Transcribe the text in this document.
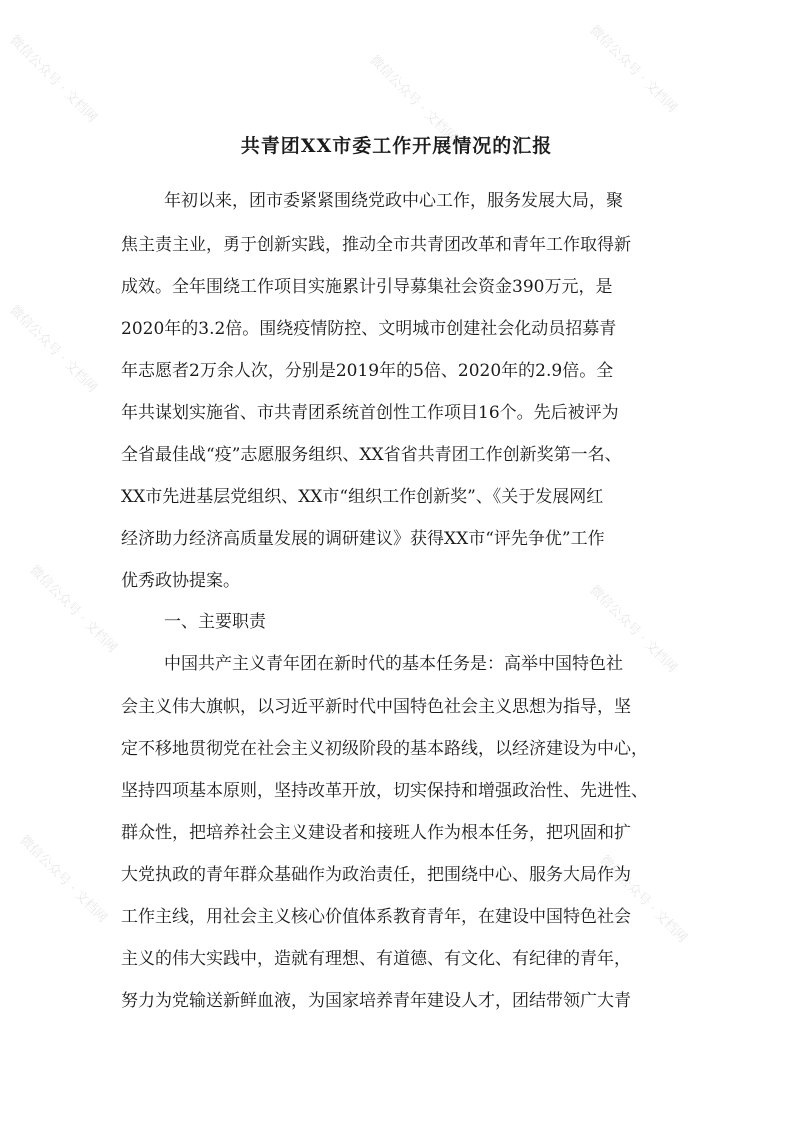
微信公众号 · 文档网	微信公众号 · 文档网	微信公众号 · 文档网
微信公众号 · 文档网
微信公众号 · 文档网	微信公众号 · 文档网
微信公众号 · 文档网	微信公众号 · 文档网
共青团XX市委工作开展情况的汇报
年初以来，团市委紧紧围绕党政中心工作，服务发展大局，聚
焦主责主业，勇于创新实践，推动全市共青团改革和青年工作取得新
成效。全年围绕工作项目实施累计引导募集社会资金390万元，是
2020年的3.2倍。围绕疫情防控、文明城市创建社会化动员招募青
年志愿者2万余人次，分别是2019年的5倍、2020年的2.9倍。全
年共谋划实施省、市共青团系统首创性工作项目16个。先后被评为
全省最佳战“疫”志愿服务组织、XX省省共青团工作创新奖第一名、
XX市先进基层党组织、XX市“组织工作创新奖”、《关于发展网红
经济助力经济高质量发展的调研建议》获得XX市“评先争优”工作
优秀政协提案。
一、主要职责
中国共产主义青年团在新时代的基本任务是：高举中国特色社
会主义伟大旗帜，以习近平新时代中国特色社会主义思想为指导，坚
定不移地贯彻党在社会主义初级阶段的基本路线，以经济建设为中心，
坚持四项基本原则，坚持改革开放，切实保持和增强政治性、先进性、
群众性，把培养社会主义建设者和接班人作为根本任务，把巩固和扩
大党执政的青年群众基础作为政治责任，把围绕中心、服务大局作为
工作主线，用社会主义核心价值体系教育青年，在建设中国特色社会
主义的伟大实践中，造就有理想、有道德、有文化、有纪律的青年，
努力为党输送新鲜血液，为国家培养青年建设人才，团结带领广大青
